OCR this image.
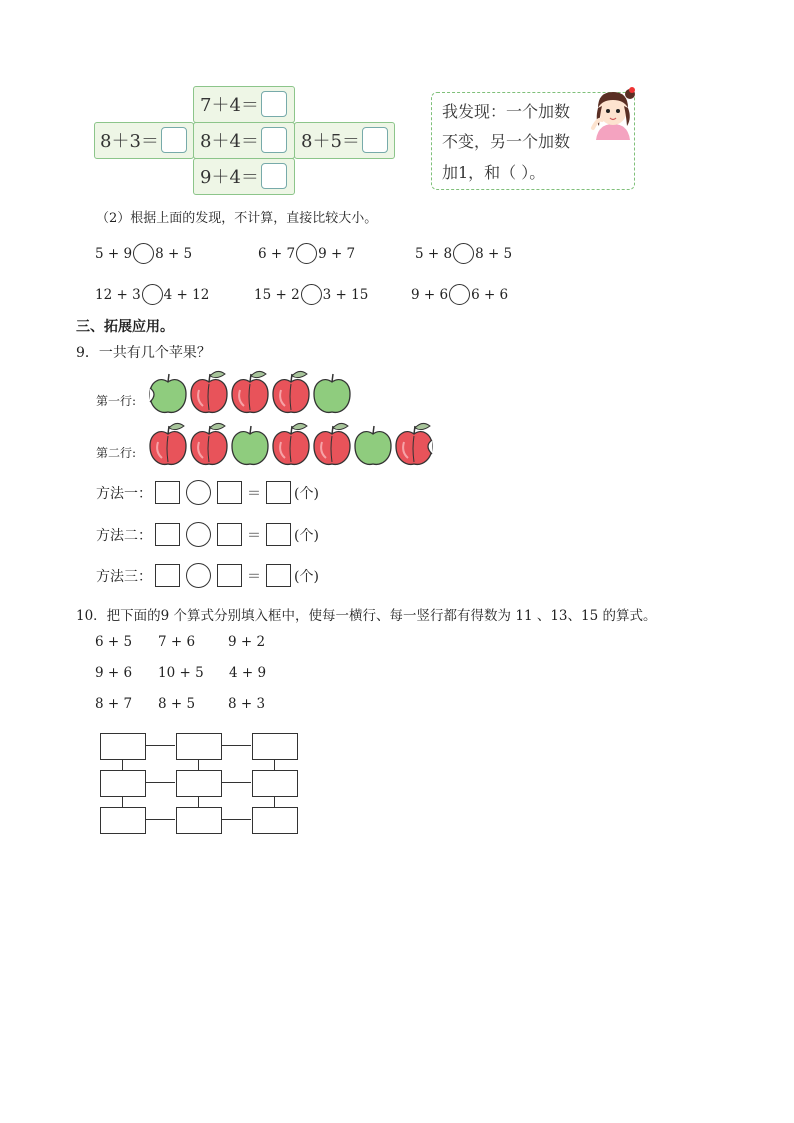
7＋4＝
8＋3＝ 8＋4＝ 8＋5＝
9＋4＝
我发现：一个加数
不变，另一个加数
加1，和（ ）。
（2）根据上面的发现，不计算，直接比较大小。
5 + 9 8 + 5	6 + 7 9 + 7	5 + 8 8 + 5
12 + 3 4 + 12	15 + 2 3 + 15	9 + 6 6 + 6
三、拓展应用。
9．一共有几个苹果？
第一行:
第二行:
方法一：	＝ (个)
方法二：	＝ (个)
方法三：	＝ (个)
10．把下面的9 个算式分别填入框中，使每一横行、每一竖行都有得数为 11 、13、15 的算式。
6 + 5 7 + 6 9 + 2
9 + 6 10 + 5 4 + 9
8 + 7 8 + 5 8 + 3
